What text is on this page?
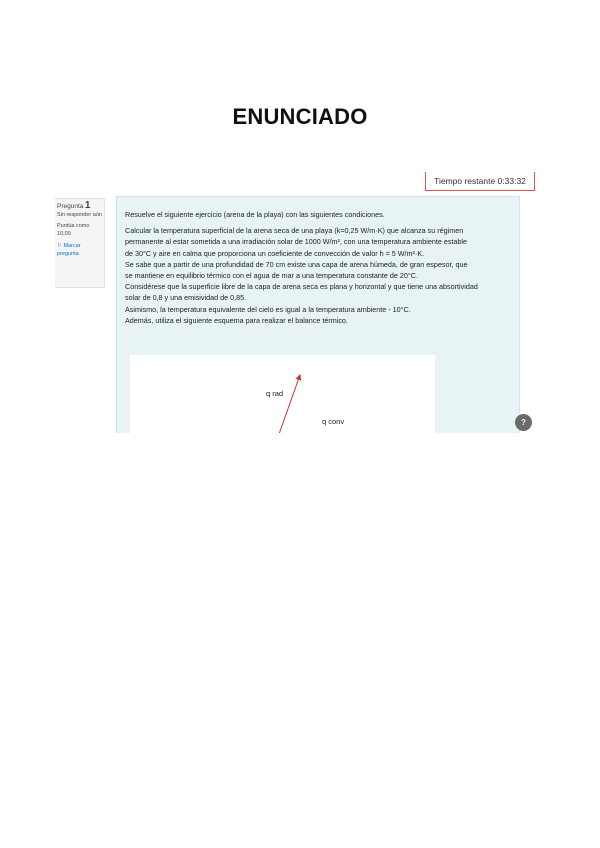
ENUNCIADO
Tiempo restante 0:33:32
Pregunta 1
Sin responder aún
Puntúa como 10,00
⚐ Marcar pregunta

Resuelve el siguiente ejercicio (arena de la playa) con las siguientes condiciones.

Calcular la temperatura superficial de la arena seca de una playa (k=0,25 W/m·K) que alcanza su régimen

permanente al estar sometida a una irradiación solar de 1000 W/m², con una temperatura ambiente estable

de 30°C y aire en calma que proporciona un coeficiente de convección de valor h = 5 W/m²·K.

Se sabe que a partir de una profundidad de 70 cm existe una capa de arena húmeda, de gran espesor, que

se mantiene en equilibrio térmico con el agua de mar a una temperatura constante de 20°C.

Considérese que la superficie libre de la capa de arena seca es plana y horizontal y que tiene una absortividad

solar de 0,8 y una emisividad de 0,85.

Asimismo, la temperatura equivalente del cielo es igual a la temperatura ambiente - 10°C.

Además, utiliza el siguiente esquema para realizar el balance térmico.

q rad
q conv	?
